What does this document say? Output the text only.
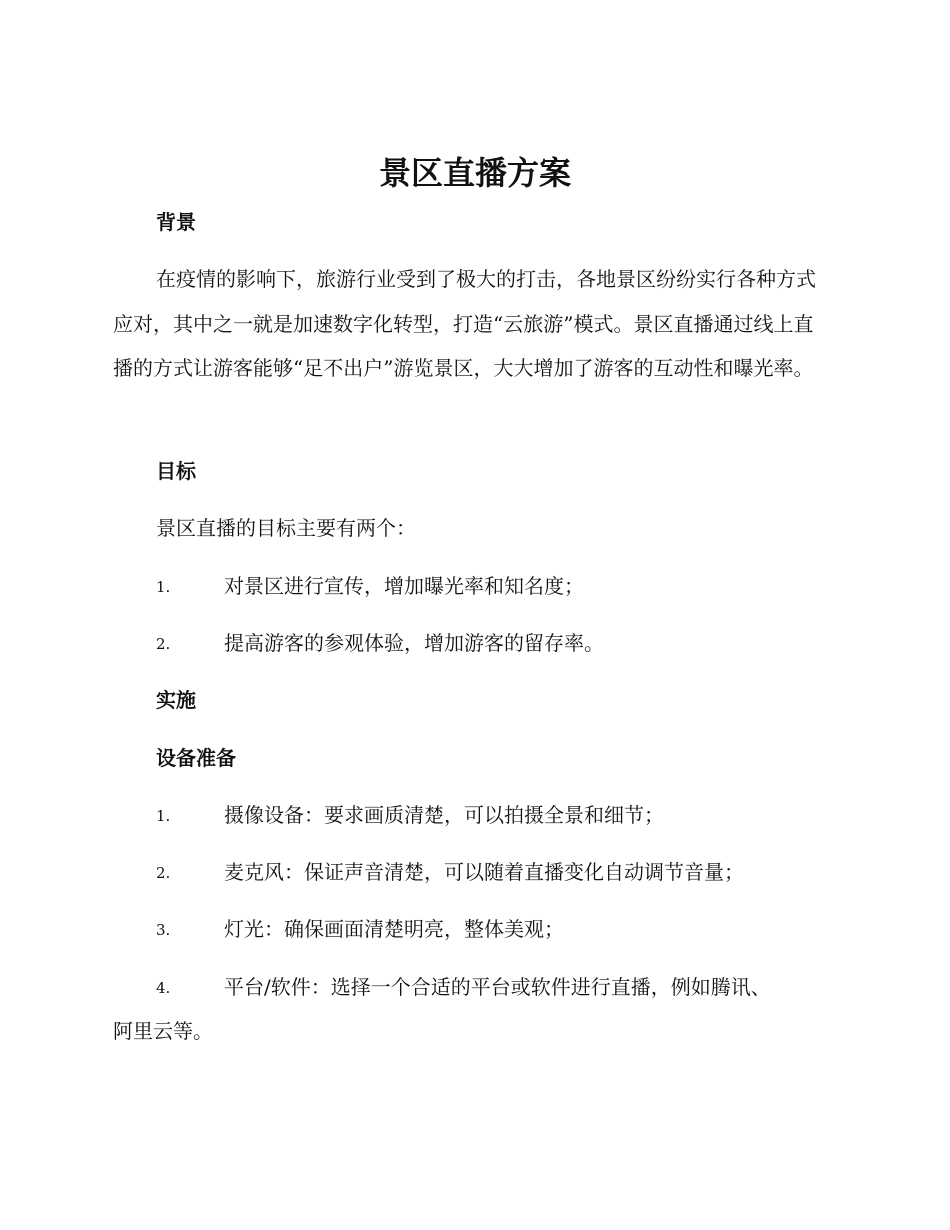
景区直播方案
背景
在疫情的影响下，旅游行业受到了极大的打击，各地景区纷纷实行各种方式应对，其中之一就是加速数字化转型，打造“云旅游”模式。景区直播通过线上直播的方式让游客能够“足不出户”游览景区，大大增加了游客的互动性和曝光率。
目标
景区直播的目标主要有两个：
1.	对景区进行宣传，增加曝光率和知名度；
2.	提高游客的参观体验，增加游客的留存率。
实施
设备准备
1.	摄像设备：要求画质清楚，可以拍摄全景和细节；
2.	麦克风：保证声音清楚，可以随着直播变化自动调节音量；
3.	灯光：确保画面清楚明亮，整体美观；
4.	平台/软件：选择一个合适的平台或软件进行直播，例如腾讯、
阿里云等。
